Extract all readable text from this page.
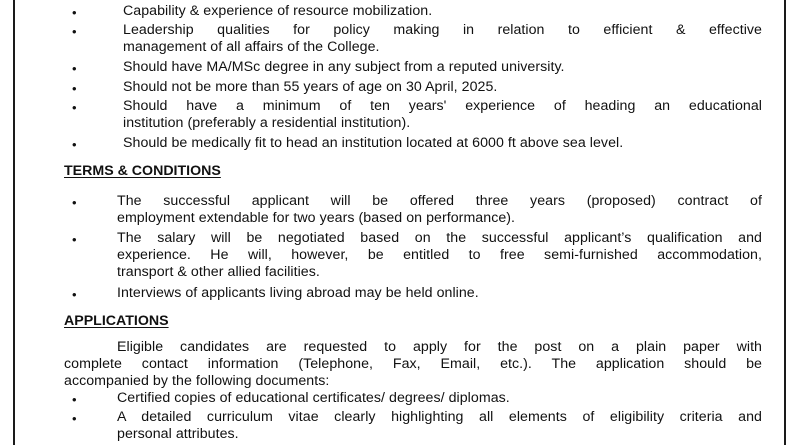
•	Capability & experience of resource mobilization.
•	Leadership qualities for policy making in relation to efficient & effective
management of all affairs of the College.
•	Should have MA/MSc degree in any subject from a reputed university.
•	Should not be more than 55 years of age on 30 April, 2025.
•	Should have a minimum of ten years' experience of heading an educational
institution (preferably a residential institution).
•	Should be medically fit to head an institution located at 6000 ft above sea level.
TERMS & CONDITIONS
•	The successful applicant will be offered three years (proposed) contract of
employment extendable for two years (based on performance).
•	The salary will be negotiated based on the successful applicant’s qualification and
experience. He will, however, be entitled to free semi-furnished accommodation,
transport & other allied facilities.
•	Interviews of applicants living abroad may be held online.
APPLICATIONS
Eligible candidates are requested to apply for the post on a plain paper with
complete contact information (Telephone, Fax, Email, etc.). The application should be
accompanied by the following documents:
•	Certified copies of educational certificates/ degrees/ diplomas.
•	A detailed curriculum vitae clearly highlighting all elements of eligibility criteria and
personal attributes.
